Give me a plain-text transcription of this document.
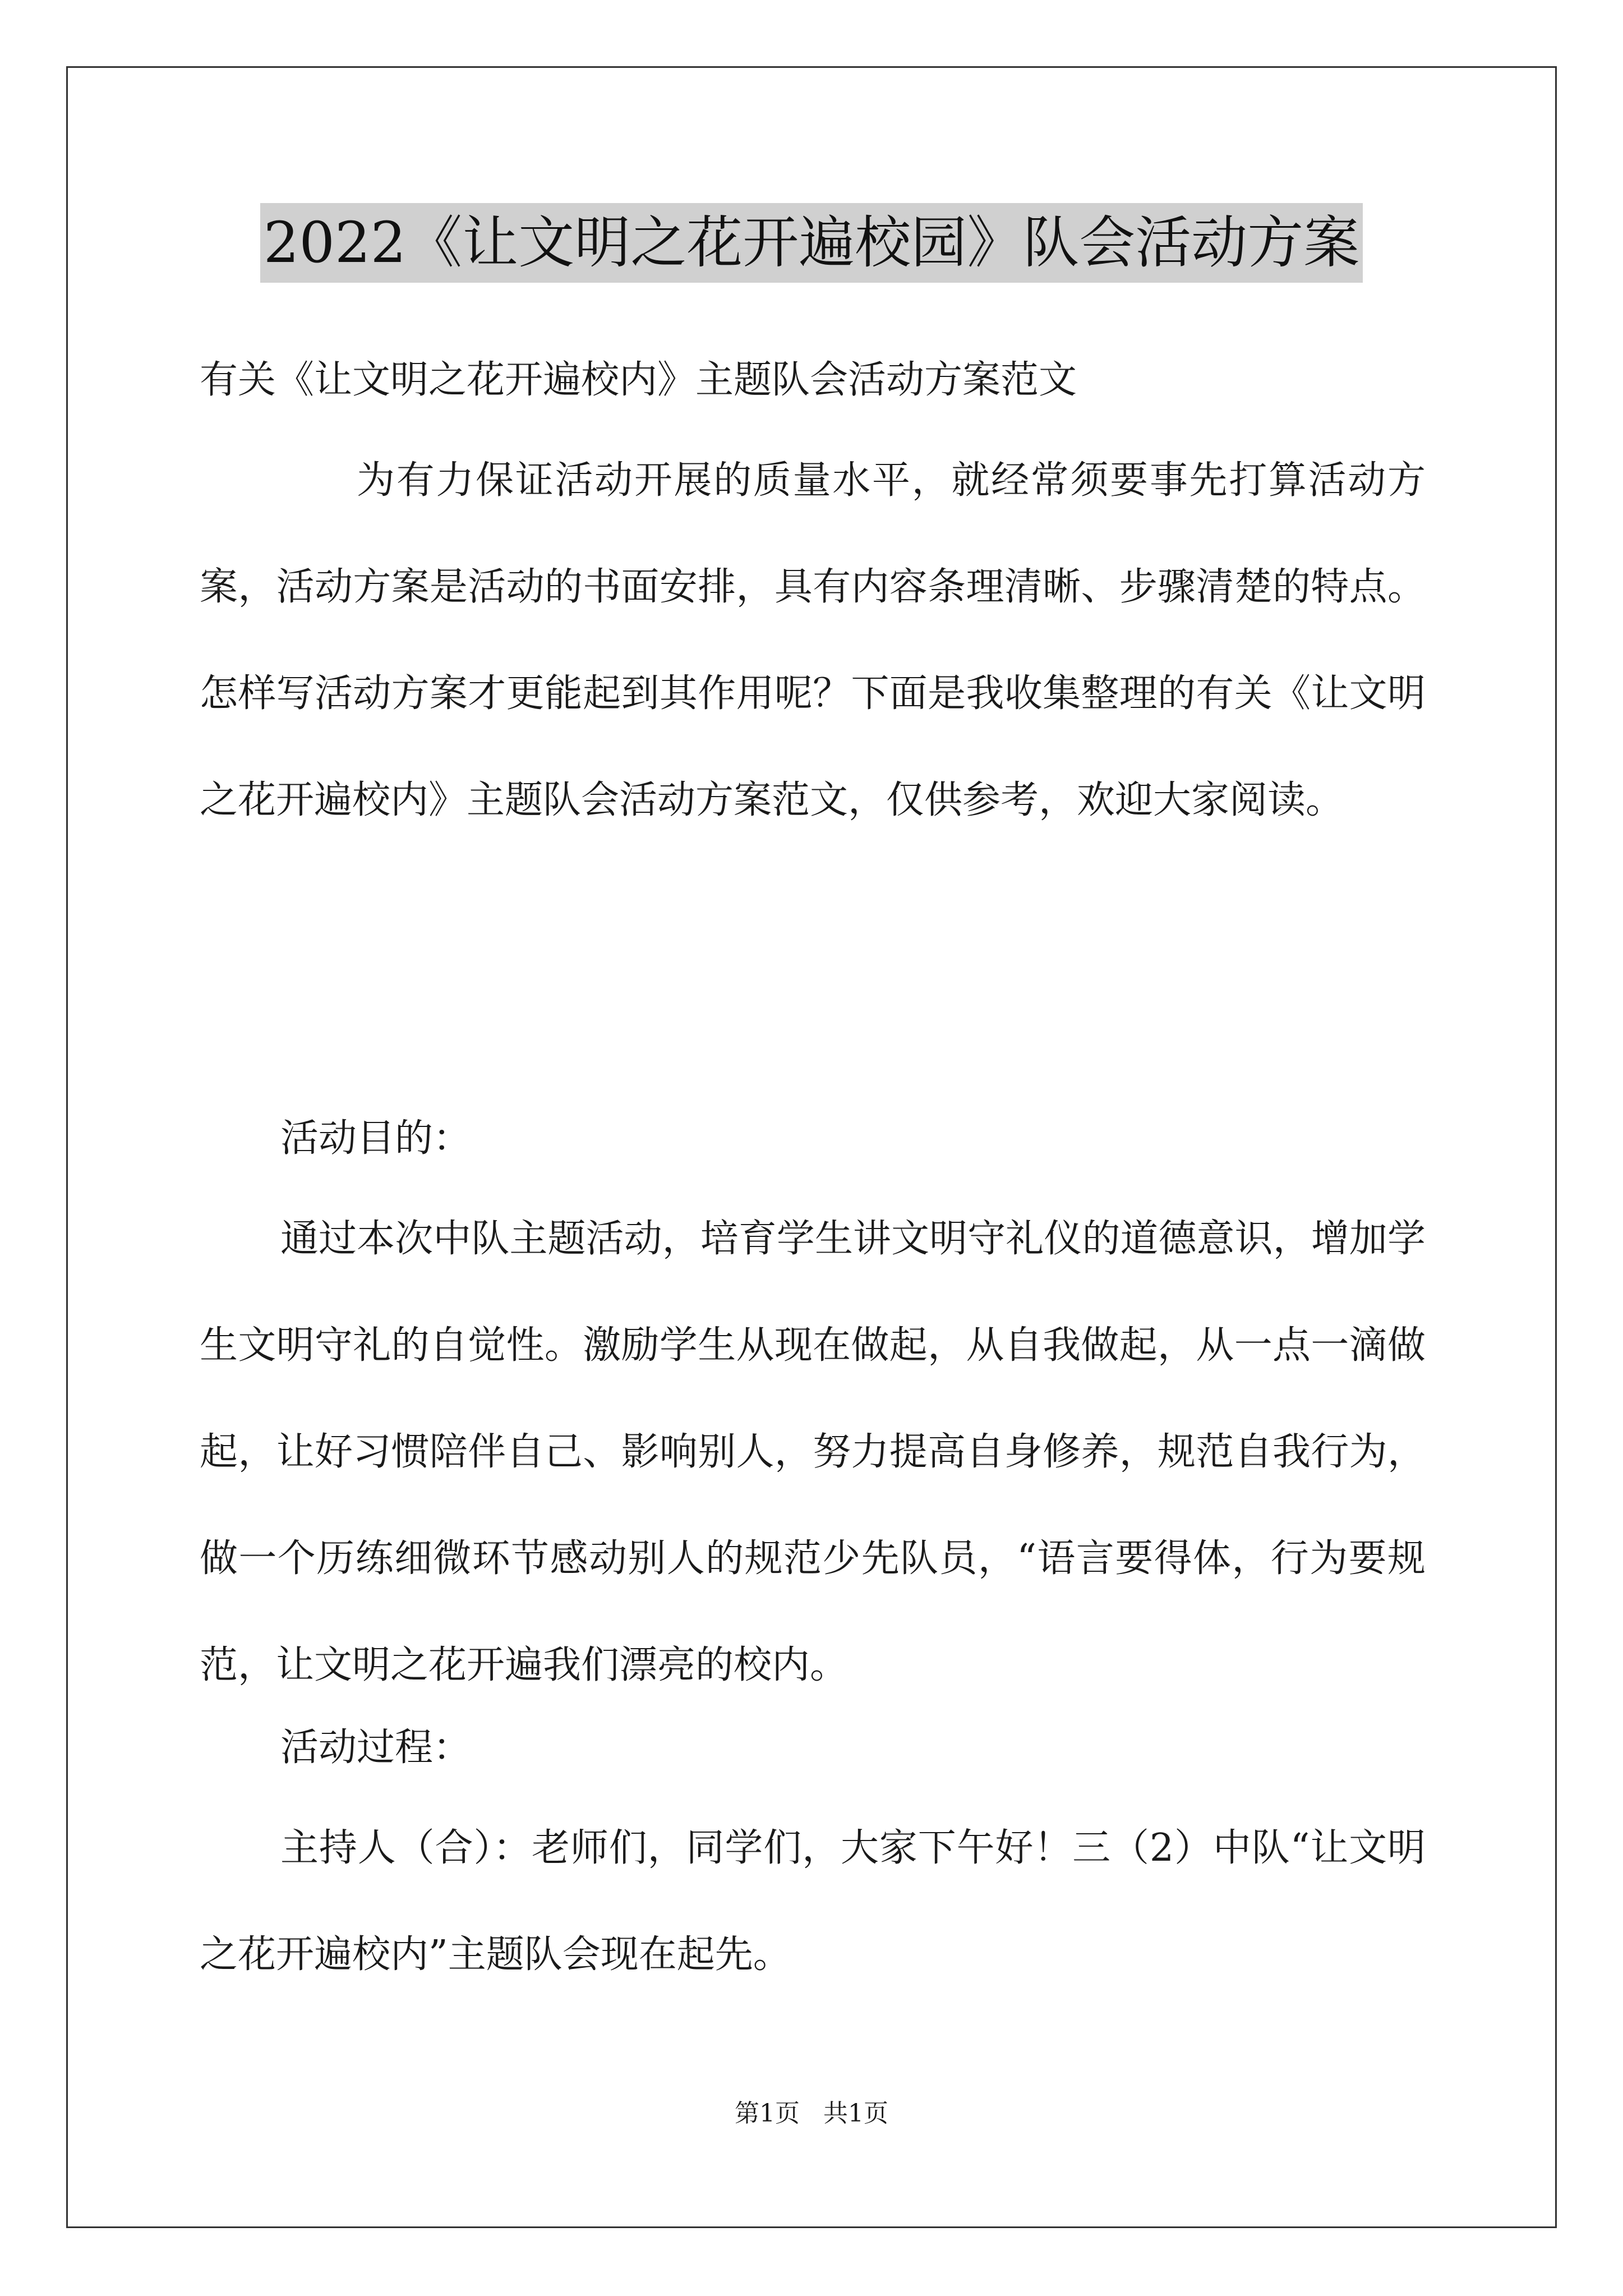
2022《让文明之花开遍校园》队会活动方案
有关《让文明之花开遍校内》主题队会活动方案范文

为有力保证活动开展的质量水平，就经常须要事先打算活动方案，活动方案是活动的书面安排，具有内容条理清晰、步骤清楚的特点。怎样写活动方案才更能起到其作用呢？下面是我收集整理的有关《让文明之花开遍校内》主题队会活动方案范文，仅供参考，欢迎大家阅读。

活动目的：

通过本次中队主题活动，培育学生讲文明守礼仪的道德意识，增加学生文明守礼的自觉性。激励学生从现在做起，从自我做起，从一点一滴做起，让好习惯陪伴自己、影响别人，努力提高自身修养，规范自我行为，做一个历练细微环节感动别人的规范少先队员，“语言要得体，行为要规范，让文明之花开遍我们漂亮的校内。

活动过程：

主持人（合）：老师们，同学们，大家下午好！三（2）中队“让文明之花开遍校内”主题队会现在起先。

第1页   共1页
